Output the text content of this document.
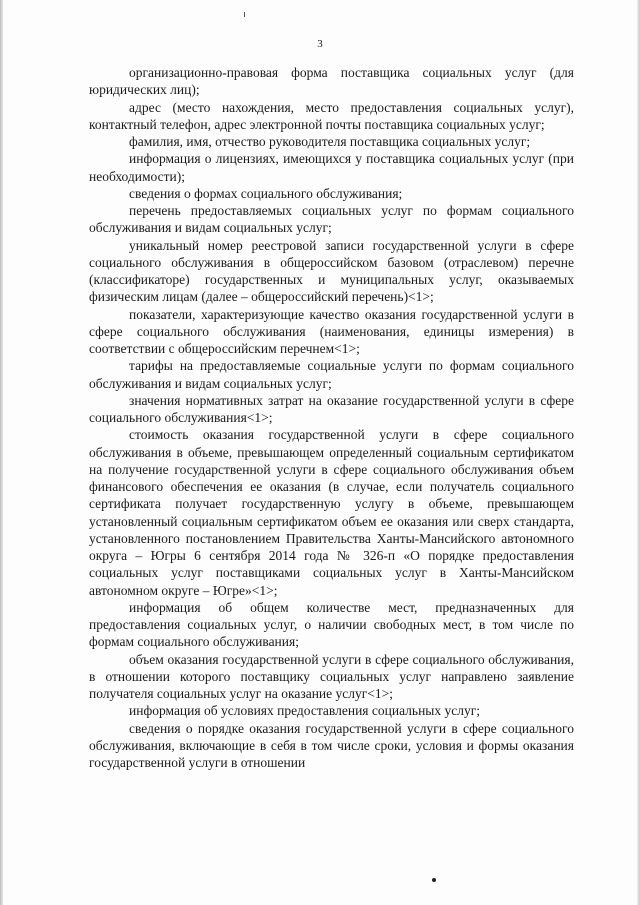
3

организационно-правовая форма поставщика социальных услуг (для юридических лиц);

адрес (место нахождения, место предоставления социальных услуг), контактный телефон, адрес электронной почты поставщика социальных услуг;

фамилия, имя, отчество руководителя поставщика социальных услуг;

информация о лицензиях, имеющихся у поставщика социальных услуг (при необходимости);

сведения о формах социального обслуживания;

перечень предоставляемых социальных услуг по формам социального обслуживания и видам социальных услуг;

уникальный номер реестровой записи государственной услуги в сфере социального обслуживания в общероссийском базовом (отраслевом) перечне (классификаторе) государственных и муниципальных услуг, оказываемых физическим лицам (далее – общероссийский перечень)<1>;

показатели, характеризующие качество оказания государственной услуги в сфере социального обслуживания (наименования, единицы измерения) в соответствии с общероссийским перечнем<1>;

тарифы на предоставляемые социальные услуги по формам социального обслуживания и видам социальных услуг;

значения нормативных затрат на оказание государственной услуги в сфере социального обслуживания<1>;

стоимость оказания государственной услуги в сфере социального обслуживания в объеме, превышающем определенный социальным сертификатом на получение государственной услуги в сфере социального обслуживания объем финансового обеспечения ее оказания (в случае, если получатель социального сертификата получает государственную услугу в объеме, превышающем установленный социальным сертификатом объем ее оказания или сверх стандарта, установленного постановлением Правительства Ханты-Мансийского автономного округа – Югры 6 сентября 2014 года № 326-п «О порядке предоставления социальных услуг поставщиками социальных услуг в Ханты-Мансийском автономном округе – Югре»<1>;

информация об общем количестве мест, предназначенных для предоставления социальных услуг, о наличии свободных мест, в том числе по формам социального обслуживания;

объем оказания государственной услуги в сфере социального обслуживания, в отношении которого поставщику социальных услуг направлено заявление получателя социальных услуг на оказание услуг<1>;

информация об условиях предоставления социальных услуг;

сведения о порядке оказания государственной услуги в сфере социального обслуживания, включающие в себя в том числе сроки, условия и формы оказания государственной услуги в отношении
